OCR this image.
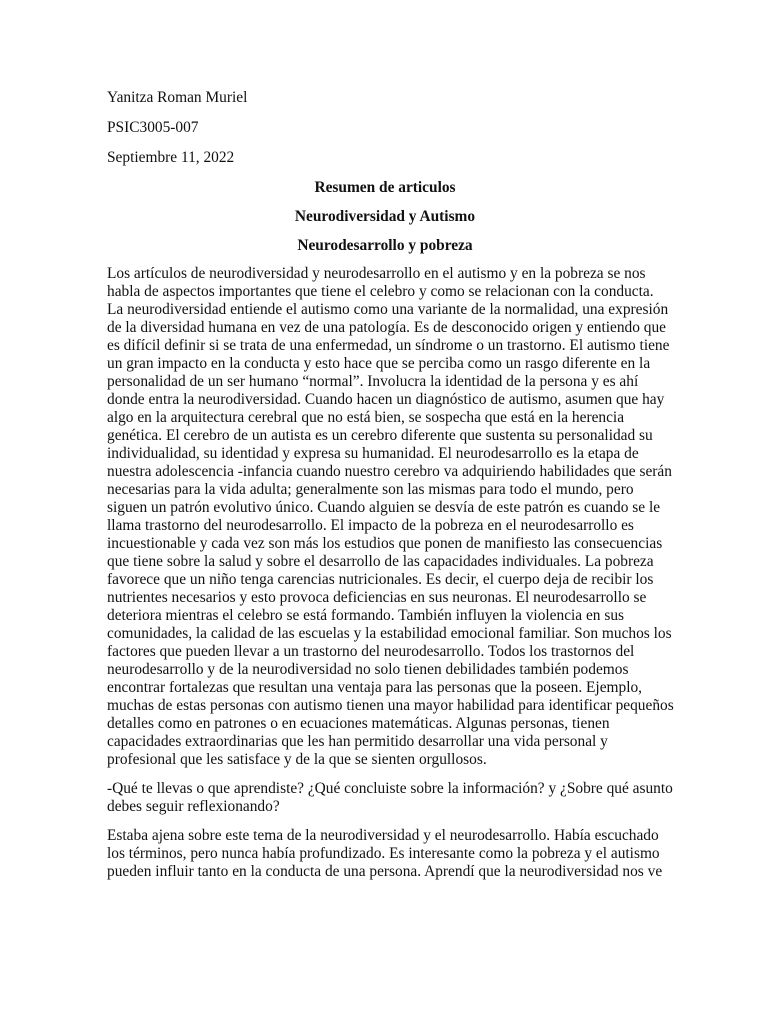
Yanitza Roman Muriel
PSIC3005-007
Septiembre 11, 2022
Resumen de articulos
Neurodiversidad y Autismo
Neurodesarrollo y pobreza
Los artículos de neurodiversidad y neurodesarrollo en el autismo y en la pobreza se nos
habla de aspectos importantes que tiene el celebro y como se relacionan con la conducta.
La neurodiversidad entiende el autismo como una variante de la normalidad, una expresión
de la diversidad humana en vez de una patología. Es de desconocido origen y entiendo que
es difícil definir si se trata de una enfermedad, un síndrome o un trastorno. El autismo tiene
un gran impacto en la conducta y esto hace que se perciba como un rasgo diferente en la
personalidad de un ser humano “normal”. Involucra la identidad de la persona y es ahí
donde entra la neurodiversidad. Cuando hacen un diagnóstico de autismo, asumen que hay
algo en la arquitectura cerebral que no está bien, se sospecha que está en la herencia
genética. El cerebro de un autista es un cerebro diferente que sustenta su personalidad su
individualidad, su identidad y expresa su humanidad. El neurodesarrollo es la etapa de
nuestra adolescencia -infancia cuando nuestro cerebro va adquiriendo habilidades que serán
necesarias para la vida adulta; generalmente son las mismas para todo el mundo, pero
siguen un patrón evolutivo único. Cuando alguien se desvía de este patrón es cuando se le
llama trastorno del neurodesarrollo. El impacto de la pobreza en el neurodesarrollo es
incuestionable y cada vez son más los estudios que ponen de manifiesto las consecuencias
que tiene sobre la salud y sobre el desarrollo de las capacidades individuales. La pobreza
favorece que un niño tenga carencias nutricionales. Es decir, el cuerpo deja de recibir los
nutrientes necesarios y esto provoca deficiencias en sus neuronas. El neurodesarrollo se
deteriora mientras el celebro se está formando. También influyen la violencia en sus
comunidades, la calidad de las escuelas y la estabilidad emocional familiar. Son muchos los
factores que pueden llevar a un trastorno del neurodesarrollo. Todos los trastornos del
neurodesarrollo y de la neurodiversidad no solo tienen debilidades también podemos
encontrar fortalezas que resultan una ventaja para las personas que la poseen. Ejemplo,
muchas de estas personas con autismo tienen una mayor habilidad para identificar pequeños
detalles como en patrones o en ecuaciones matemáticas. Algunas personas, tienen
capacidades extraordinarias que les han permitido desarrollar una vida personal y
profesional que les satisface y de la que se sienten orgullosos.
-Qué te llevas o que aprendiste? ¿Qué concluiste sobre la información? y ¿Sobre qué asunto
debes seguir reflexionando?
Estaba ajena sobre este tema de la neurodiversidad y el neurodesarrollo. Había escuchado
los términos, pero nunca había profundizado. Es interesante como la pobreza y el autismo
pueden influir tanto en la conducta de una persona. Aprendí que la neurodiversidad nos ve
